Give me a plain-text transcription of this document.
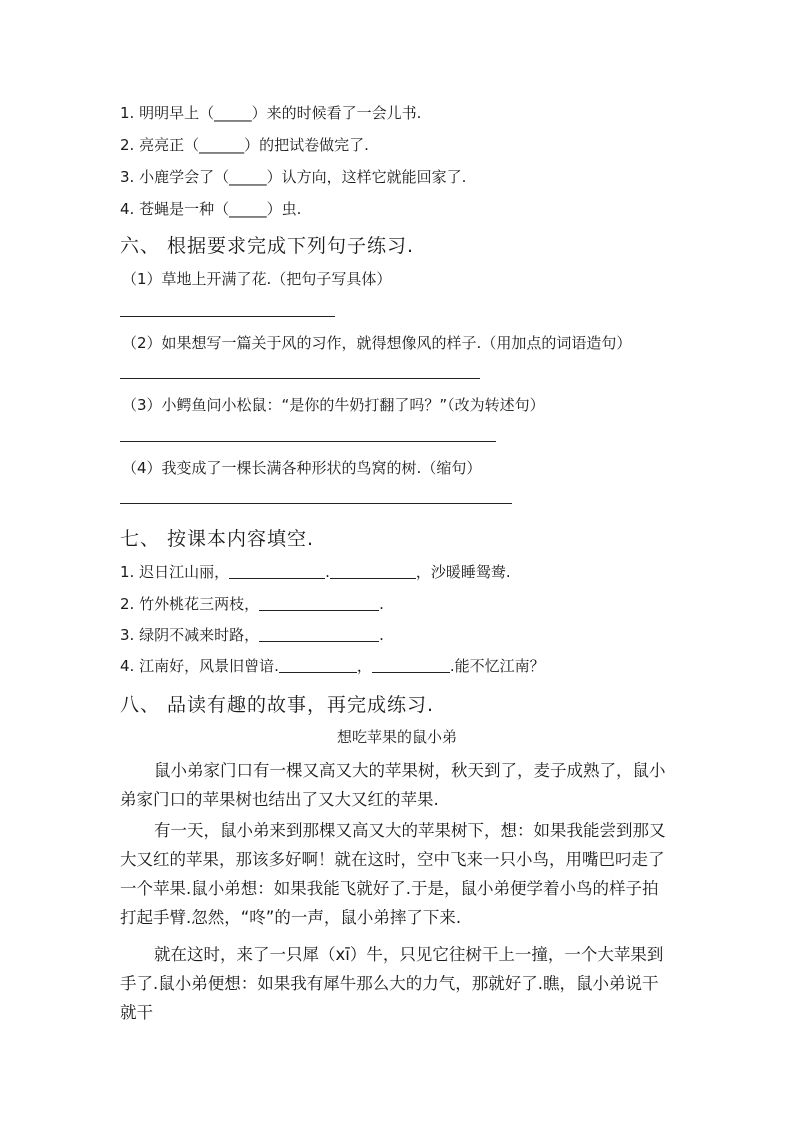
1. 明明早上（_____）来的时候看了一会儿书.
2. 亮亮正（______）的把试卷做完了.
3. 小鹿学会了（_____）认方向，这样它就能回家了.
4. 苍蝇是一种（_____）虫.
六、 根据要求完成下列句子练习.
（1）草地上开满了花.（把句子写具体）
（2）如果想写一篇关于风的习作，就得想像风的样子.（用加点的词语造句）
（3）小鳄鱼问小松鼠：“是你的牛奶打翻了吗？”（改为转述句）
（4）我变成了一棵长满各种形状的鸟窝的树.（缩句）
七、 按课本内容填空.
1. 迟日江山丽，	.	，沙暖睡鸳鸯.
2. 竹外桃花三两枝，	.
3. 绿阴不减来时路，	.
4. 江南好，风景旧曾谙.	，	.能不忆江南？
八、 品读有趣的故事，再完成练习.
想吃苹果的鼠小弟
鼠小弟家门口有一棵又高又大的苹果树，秋天到了，麦子成熟了，鼠小弟家门口的苹果树也结出了又大又红的苹果.
有一天，鼠小弟来到那棵又高又大的苹果树下，想：如果我能尝到那又大又红的苹果，那该多好啊！就在这时，空中飞来一只小鸟，用嘴巴叼走了一个苹果.鼠小弟想：如果我能飞就好了.于是，鼠小弟便学着小鸟的样子拍打起手臂.忽然，“咚”的一声，鼠小弟摔了下来.
就在这时，来了一只犀（xī）牛，只见它往树干上一撞，一个大苹果到手了.鼠小弟便想：如果我有犀牛那么大的力气，那就好了.瞧，鼠小弟说干就干
